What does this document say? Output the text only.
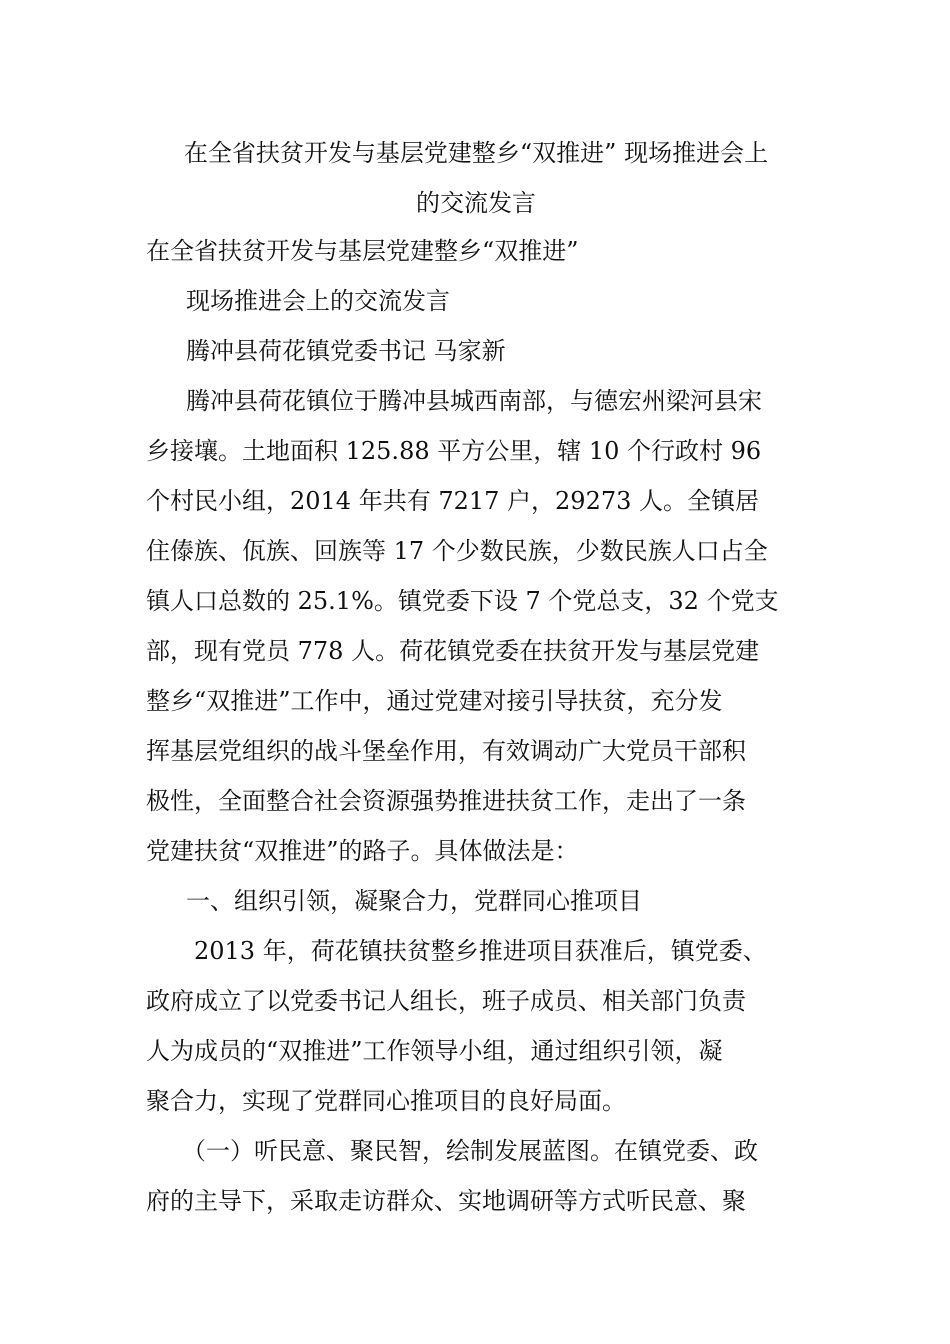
在全省扶贫开发与基层党建整乡“双推进” 现场推进会上
的交流发言
在全省扶贫开发与基层党建整乡“双推进”
现场推进会上的交流发言
腾冲县荷花镇党委书记 马家新
腾冲县荷花镇位于腾冲县城西南部，与德宏州梁河县宋
乡接壤。土地面积 125.88 平方公里，辖 10 个行政村 96
个村民小组，2014 年共有 7217 户，29273 人。全镇居
住傣族、佤族、回族等 17 个少数民族，少数民族人口占全
镇人口总数的 25.1%。镇党委下设 7 个党总支，32 个党支
部，现有党员 778 人。荷花镇党委在扶贫开发与基层党建
整乡“双推进”工作中，通过党建对接引导扶贫，充分发
挥基层党组织的战斗堡垒作用，有效调动广大党员干部积
极性，全面整合社会资源强势推进扶贫工作，走出了一条
党建扶贫“双推进”的路子。具体做法是：
一、组织引领，凝聚合力，党群同心推项目
2013 年，荷花镇扶贫整乡推进项目获准后，镇党委、
政府成立了以党委书记人组长，班子成员、相关部门负责
人为成员的“双推进”工作领导小组，通过组织引领，凝
聚合力，实现了党群同心推项目的良好局面。
（一）听民意、聚民智，绘制发展蓝图。在镇党委、政
府的主导下，采取走访群众、实地调研等方式听民意、聚
